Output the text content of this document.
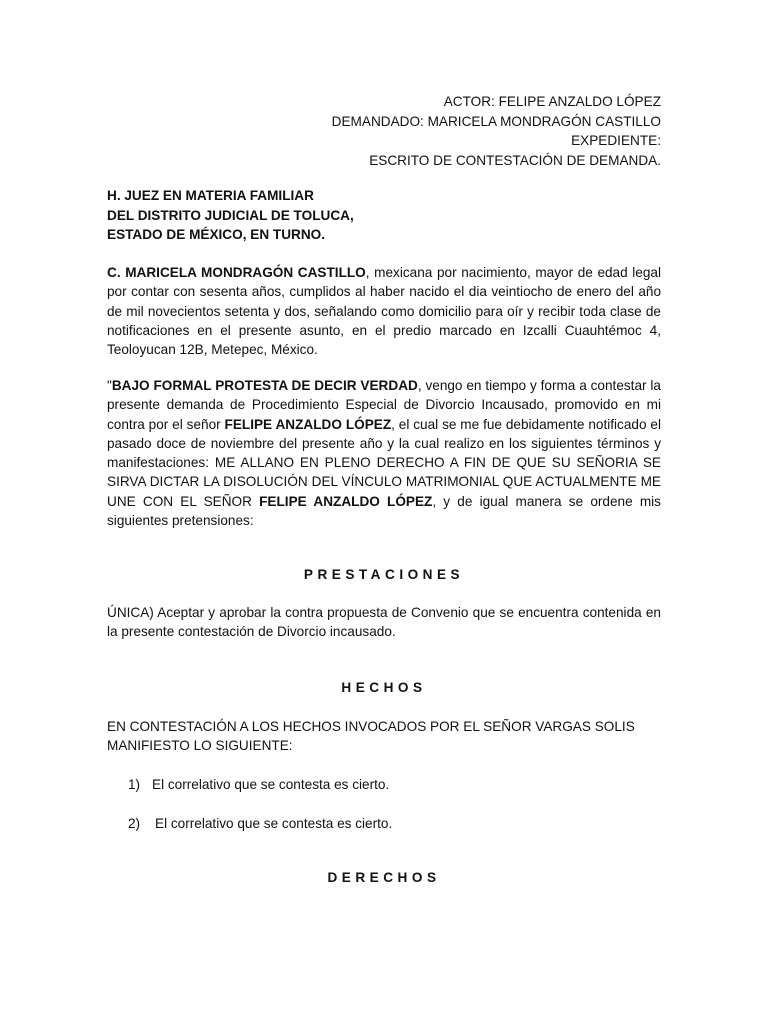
ACTOR: FELIPE ANZALDO LÓPEZ
DEMANDADO: MARICELA MONDRAGÓN CASTILLO
EXPEDIENTE:
ESCRITO DE CONTESTACIÓN DE DEMANDA.
H. JUEZ EN MATERIA FAMILIAR
DEL DISTRITO JUDICIAL DE TOLUCA,
ESTADO DE MÉXICO, EN TURNO.
C. MARICELA MONDRAGÓN CASTILLO, mexicana por nacimiento, mayor de edad legal por contar con sesenta años, cumplidos al haber nacido el dia veintiocho de enero del año de mil novecientos setenta y dos, señalando como domicilio para oír y recibir toda clase de notificaciones en el presente asunto, en el predio marcado en Izcalli Cuauhtémoc 4, Teoloyucan 12B, Metepec, México.
"BAJO FORMAL PROTESTA DE DECIR VERDAD, vengo en tiempo y forma a contestar la presente demanda de Procedimiento Especial de Divorcio Incausado, promovido en mi contra por el señor FELIPE ANZALDO LÓPEZ, el cual se me fue debidamente notificado el pasado doce de noviembre del presente año y la cual realizo en los siguientes términos y manifestaciones: ME ALLANO EN PLENO DERECHO A FIN DE QUE SU SEÑORIA SE SIRVA DICTAR LA DISOLUCIÓN DEL VÍNCULO MATRIMONIAL QUE ACTUALMENTE ME UNE CON EL SEÑOR FELIPE ANZALDO LÓPEZ, y de igual manera se ordene mis siguientes pretensiones:
PRESTACIONES
ÚNICA) Aceptar y aprobar la contra propuesta de Convenio que se encuentra contenida en la presente contestación de Divorcio incausado.
HECHOS
EN CONTESTACIÓN A LOS HECHOS INVOCADOS POR EL SEÑOR VARGAS SOLIS MANIFIESTO LO SIGUIENTE:
1) El correlativo que se contesta es cierto.
2) El correlativo que se contesta es cierto.
DERECHOS
